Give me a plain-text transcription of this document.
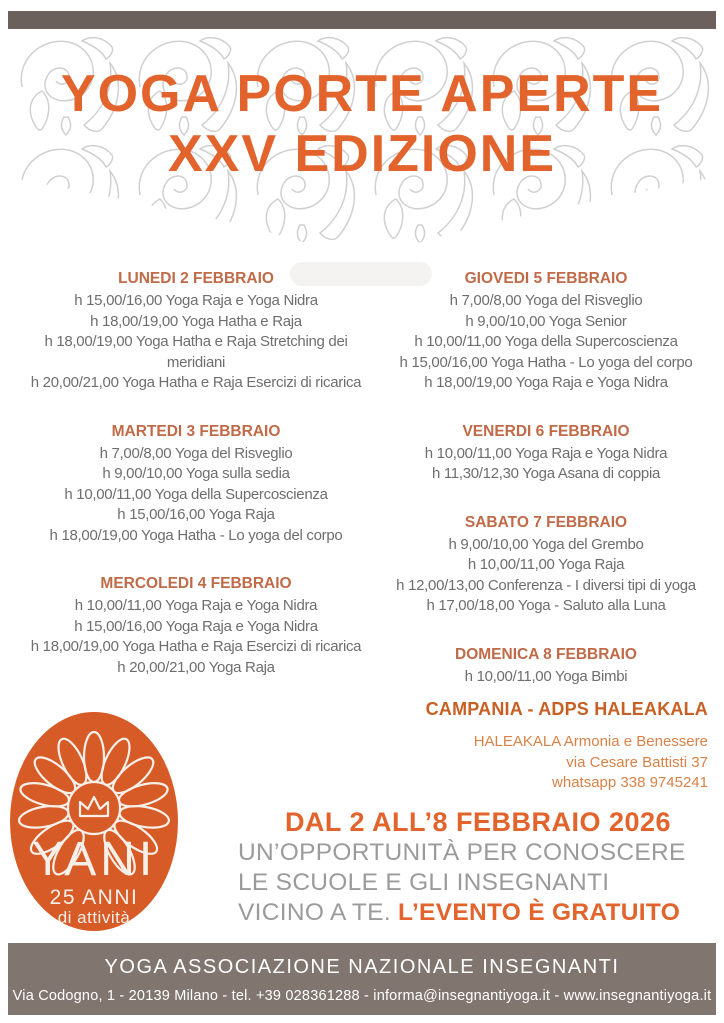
YOGA PORTE APERTE
XXV EDIZIONE
LUNEDI 2 FEBBRAIO
h 15,00/16,00 Yoga Raja e Yoga Nidra
h 18,00/19,00 Yoga Hatha e Raja
h 18,00/19,00 Yoga Hatha e Raja Stretching dei meridiani
h 20,00/21,00 Yoga Hatha e Raja Esercizi di ricarica
MARTEDI 3 FEBBRAIO
h 7,00/8,00 Yoga del Risveglio
h 9,00/10,00 Yoga sulla sedia
h 10,00/11,00 Yoga della Supercoscienza
h 15,00/16,00 Yoga Raja
h 18,00/19,00 Yoga Hatha - Lo yoga del corpo
MERCOLEDI 4 FEBBRAIO
h 10,00/11,00 Yoga Raja e Yoga Nidra
h 15,00/16,00 Yoga Raja e Yoga Nidra
h 18,00/19,00 Yoga Hatha e Raja Esercizi di ricarica
h 20,00/21,00 Yoga Raja
GIOVEDI 5 FEBBRAIO
h 7,00/8,00 Yoga del Risveglio
h 9,00/10,00 Yoga Senior
h 10,00/11,00 Yoga della Supercoscienza
h 15,00/16,00 Yoga Hatha - Lo yoga del corpo
h 18,00/19,00 Yoga Raja e Yoga Nidra
VENERDI 6 FEBBRAIO
h 10,00/11,00 Yoga Raja e Yoga Nidra
h 11,30/12,30 Yoga Asana di coppia
SABATO 7 FEBBRAIO
h 9,00/10,00 Yoga del Grembo
h 10,00/11,00 Yoga Raja
h 12,00/13,00 Conferenza - I diversi tipi di yoga
h 17,00/18,00 Yoga - Saluto alla Luna
DOMENICA 8 FEBBRAIO
h 10,00/11,00 Yoga Bimbi
CAMPANIA - ADPS HALEAKALA
HALEAKALA Armonia e Benessere
via Cesare Battisti 37
whatsapp 338 9745241
YANI
25 ANNI
di attività
DAL 2 ALL’8 FEBBRAIO 2026
UN’OPPORTUNITÀ PER CONOSCERE
LE SCUOLE E GLI INSEGNANTI
VICINO A TE. L’EVENTO È GRATUITO
YOGA ASSOCIAZIONE NAZIONALE INSEGNANTI
Via Codogno, 1 - 20139 Milano - tel. +39 028361288 - informa@insegnantiyoga.it - www.insegnantiyoga.it
